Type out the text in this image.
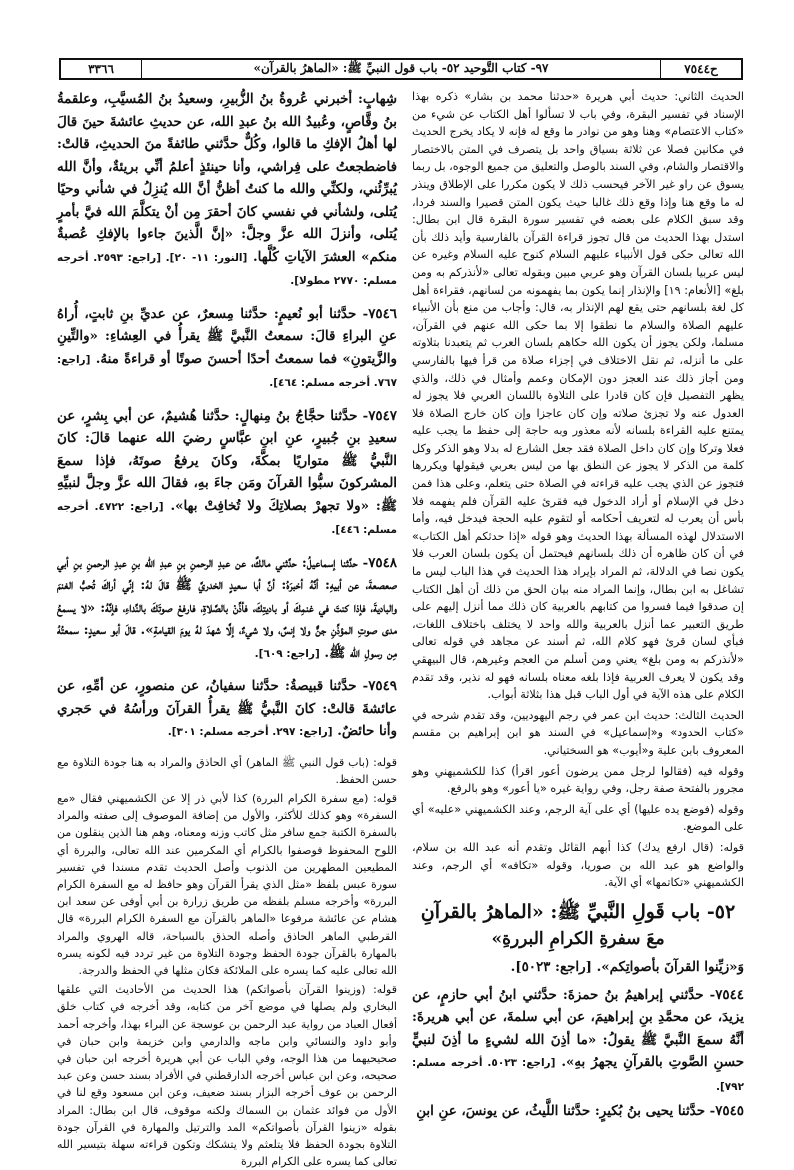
ح٧٥٤٤
٩٧- كتاب التَّوحيد ٥٢- باب قول النبيِّ ﷺ: «الماهرُ بالقرآن»
٣٣٦٦

الحديث الثاني: حديث أبي هريرة «حدثنا محمد بن بشار» ذكره بهذا الإسناد في تفسير البقرة، وفي باب لا تسألوا أهل الكتاب عن شيء من «كتاب الاعتصام» وهنا وهو من نوادر ما وقع له فإنه لا يكاد يخرج الحديث في مكانين فصلا عن ثلاثة بسياق واحد بل يتصرف في المتن بالاختصار والاقتصار والشام، وفي السند بالوصل والتعليق من جميع الوجوه، بل ربما يسوق عن راو غير الآخر فيحسب ذلك لا يكون مكررا على الإطلاق وينذر له ما وقع هنا وإذا وقع ذلك غالبا حيث يكون المتن قصيرا والسند فردا، وقد سبق الكلام على بعضه في تفسير سورة البقرة قال ابن بطال: استدل بهذا الحديث من قال تجوز قراءة القرآن بالفارسية وأيد ذلك بأن الله تعالى حكى قول الأنبياء عليهم السلام كنوح عليه السلام وغيره عن ليس عربيا بلسان القرآن وهو عربي مبين وبقوله تعالى «لأنذركم به ومن بلغ» [الأنعام: ١٩] والإنذار إنما يكون بما يفهمونه من لسانهم، فقراءة أهل كل لغة بلسانهم حتى يقع لهم الإنذار به، قال: وأجاب من منع بأن الأنبياء عليهم الصلاة والسلام ما نطقوا إلا بما حكى الله عنهم في القرآن، مسلما، ولكن يجوز أن يكون الله حكاهم بلسان العرب ثم يتعبدنا بتلاوته على ما أنزله، ثم نقل الاختلاف في إجزاء صلاة من قرأ فيها بالفارسي ومن أجاز ذلك عند العجز دون الإمكان وعمم وأمثال في ذلك، والذي يظهر التفصيل فإن كان قادرا على التلاوة باللسان العربي فلا يجوز له العدول عنه ولا تجزئ صلاته وإن كان عاجزا وإن كان خارج الصلاة فلا يمتنع عليه القراءة بلسانه لأنه معذور وبه حاجة إلى حفظ ما يجب عليه فعلا وتركا وإن كان داخل الصلاة فقد جعل الشارع له بدلا وهو الذكر وكل كلمة من الذكر لا يجوز عن النطق بها من ليس بعربي فيقولها ويكررها فتجوز عن الذي يجب عليه قراءته في الصلاة حتى يتعلم، وعلى هذا فمن دخل في الإسلام أو أراد الدخول فيه فقرئ عليه القرآن فلم يفهمه فلا بأس أن يعرب له لتعريف أحكامه أو لتقوم عليه الحجة فيدخل فيه، وأما الاستدلال لهذه المسألة بهذا الحديث وهو قوله «إذا حدثكم أهل الكتاب» في أن كان ظاهره أن ذلك بلسانهم فيحتمل أن يكون بلسان العرب فلا يكون نصا في الدلالة، ثم المراد بإيراد هذا الحديث في هذا الباب ليس ما تشاغل به ابن بطال، وإنما المراد منه بيان الحق من ذلك أن أهل الكتاب إن صدقوا فيما فسروا من كتابهم بالعربية كان ذلك مما أنزل إليهم على طريق التعبير عما أنزل بالعربية والله واحد لا يختلف باختلاف اللغات، فبأي لسان قرئ فهو كلام الله، ثم أسند عن مجاهد في قوله تعالى «لأنذركم به ومن بلغ» يعني ومن أسلم من العجم وغيرهم، قال البيهقي وقد يكون لا يعرف العربية فإذا بلغه معناه بلسانه فهو له نذير، وقد تقدم الكلام على هذه الآية في أول الباب قبل هذا بثلاثة أبواب.

الحديث الثالث: حديث ابن عمر في رجم اليهوديين، وقد تقدم شرحه في «كتاب الحدود» و«إسماعيل» في السند هو ابن إبراهيم بن مقسم المعروف بابن علية و«أيوب» هو السختياني.

وقوله فيه (فقالوا لرجل ممن يرضون أعور اقرأ) كذا للكشميهني وهو مجرور بالفتحة صفة رجل، وفي رواية غيره «يا أعور» وهو بالرفع.

وقوله (فوضع يده عليها) أي على آية الرجم، وعند الكشميهني «عليه» أي على الموضع.

قوله: (قال ارفع يدك) كذا أبهم القائل وتقدم أنه عبد الله بن سلام، والواضع هو عبد الله بن صوريا، وقوله «تكافه» أي الرجم، وعند الكشميهني «تكاتمها» أي الآية.

٥٢- باب قَولِ النَّبيِّ ﷺ: «الماهرُ بالقرآنِ
معَ سفرةِ الكرامِ البررةِ»

وَ«زيِّنوا القرآنَ بأصواتِكم». [راجع: ٥٠٢٣].

٧٥٤٤- حدَّثني إبراهيمُ بنُ حمزةَ: حدَّثني ابنُ أبي حازمٍ، عن يزيدَ، عن محمَّدِ بنِ إبراهيمَ، عن أبي سلمةَ، عن أبي هريرةَ: أنَّهُ سمعَ النَّبيَّ ﷺ يقولُ: «ما أذِنَ الله لشيءٍ ما أذِنَ لنبيٍّ حسنِ الصَّوتِ بالقرآنِ يجهرُ بهِ». [راجع: ٥٠٢٣. أخرجه مسلم: ٧٩٢].

٧٥٤٥- حدَّثنا يحيى بنُ بُكيرٍ: حدَّثنا اللَّيثُ، عن يونسَ، عنِ ابنِ

شِهابٍ: أخبرني عُروةُ بنُ الزُّبيرِ، وسعيدُ بنُ المُسيَّبِ، وعلقمةُ بنُ وقَّاصٍ، وعُبيدُ الله بنُ عبدِ الله، عن حديثِ عائشةَ حينَ قالَ لها أهلُ الإفكِ ما قالوا، وكُلٌّ حدَّثني طائفةً منَ الحديثِ، قالتْ: فاضطجعتُ على فِراشي، وأنا حينئذٍ أعلمُ أنِّي بريئةٌ، وأنَّ الله يُبرِّئُني، ولكنِّي والله ما كنتُ أظنُّ أنَّ الله يُنزِلُ في شأني وحيًا يُتلى، ولشأني في نفسي كانَ أحقرَ مِن أنْ يتكلَّمَ الله فيَّ بأمرٍ يُتلى، وأنزلَ الله عزَّ وجلَّ: «إنَّ الَّذينَ جاءوا بالإفكِ عُصبةٌ منكم» العشرَ الآياتِ كُلَّها. [النور: ١١- ٢٠]. [راجع: ٢٥٩٣. أخرجه مسلم: ٢٧٧٠ مطولا].

٧٥٤٦- حدَّثنا أبو نُعيمٍ: حدَّثنا مِسعرٌ، عن عديِّ بنِ ثابتٍ، أُراهُ عنِ البراءِ قالَ: سمعتُ النَّبيَّ ﷺ يقرأُ في العِشاءِ: «والتِّينِ والزَّيتونِ» فما سمعتُ أحدًا أحسنَ صوتًا أو قراءةً منهُ. [راجع: ٧٦٧. أخرجه مسلم: ٤٦٤].

٧٥٤٧- حدَّثنا حجَّاجُ بنُ مِنهالٍ: حدَّثنا هُشيمٌ، عن أبي بِشرٍ، عن سعيدِ بنِ جُبيرٍ، عنِ ابنِ عبَّاسٍ رضيَ الله عنهما قالَ: كانَ النَّبيُّ ﷺ متواريًا بمكَّةَ، وكانَ يرفعُ صوتَهُ، فإذا سمعَ المشركونَ سبُّوا القرآنَ ومَن جاءَ بهِ، فقالَ الله عزَّ وجلَّ لنبيِّهِ ﷺ: «ولا تجهرْ بصلاتِكَ ولا تُخافِتْ بها». [راجع: ٤٧٢٢. أخرجه مسلم: ٤٤٦].

٧٥٤٨- حدَّثنا إسماعيلُ: حدَّثني مالكٌ، عن عبدِ الرحمنِ بنِ عبدِ الله بنِ عبدِ الرحمنِ بنِ أبي صعصعةَ، عن أبيهِ: أنَّهُ أخبرَهُ: أنَّ أبا سعيدٍ الخدريَّ ﷺ قالَ لهُ: إنِّي أراكَ تُحبُّ الغنمَ والباديةَ، فإذا كنتَ في غنمِكَ أو باديتِكَ، فأذِّنْ بالصَّلاةِ، فارفعْ صوتَكَ بالنِّداءِ، فإنَّهُ: «لا يسمعُ مدى صوتِ المؤذِّنِ جنٌّ ولا إنسٌ، ولا شيءٌ، إلَّا شهدَ لهُ يومَ القيامةِ». قالَ أبو سعيدٍ: سمعتُهُ مِن رسولِ الله ﷺ. [راجع: ٦٠٩].

٧٥٤٩- حدَّثنا قبيصةُ: حدَّثنا سفيانُ، عن منصورٍ، عن أمِّهِ، عن عائشةَ قالتْ: كانَ النَّبيُّ ﷺ يقرأُ القرآنَ ورأسُهُ في حَجري وأنا حائضٌ. [راجع: ٢٩٧. أخرجه مسلم: ٣٠١].

قوله: (باب قول النبي ﷺ الماهر) أي الحاذق والمراد به هنا جودة التلاوة مع حسن الحفظ.

قوله: (مع سفرة الكرام البررة) كذا لأبي ذر إلا عن الكشميهني فقال «مع السفرة» وهو كذلك للأكثر، والأول من إضافة الموصوف إلى صفته والمراد بالسفرة الكتبة جمع سافر مثل كاتب وزنه ومعناه، وهم هنا الذين ينقلون من اللوح المحفوظ فوصفوا بالكرام أي المكرمين عند الله تعالى، والبررة أي المطيعين المطهرين من الذنوب وأصل الحديث تقدم مسندا في تفسير سورة عبس بلفظ «مثل الذي يقرأ القرآن وهو حافظ له مع السفرة الكرام البررة» وأخرجه مسلم بلفظه من طريق زرارة بن أبي أوفى عن سعد ابن هشام عن عائشة مرفوعا «الماهر بالقرآن مع السفرة الكرام البررة» قال القرطبي الماهر الحاذق وأصله الحذق بالسباحة، قاله الهروي والمراد بالمهارة بالقرآن جودة الحفظ وجودة التلاوة من غير تردد فيه لكونه يسره الله تعالى عليه كما يسره على الملائكة فكان مثلها في الحفظ والدرجة.

قوله: (وزينوا القرآن بأصواتكم) هذا الحديث من الأحاديث التي علقها البخاري ولم يصلها في موضع آخر من كتابه، وقد أخرجه في كتاب خلق أفعال العباد من رواية عبد الرحمن بن عوسجة عن البراء بهذا، وأخرجه أحمد وأبو داود والنسائي وابن ماجه والدارمي وابن خزيمة وابن حبان في صحيحيهما من هذا الوجه، وفي الباب عن أبي هريرة أخرجه ابن حبان في صحيحه، وعن ابن عباس أخرجه الدارقطني في الأفراد بسند حسن وعن عبد الرحمن بن عوف أخرجه البزار بسند ضعيف، وعن ابن مسعود وقع لنا في الأول من فوائد عثمان بن السماك ولكنه موقوف، قال ابن بطال: المراد بقوله «زينوا القرآن بأصواتكم» المد والترتيل والمهارة في القرآن جودة التلاوة بجودة الحفظ فلا يتلعثم ولا يتشكك وتكون قراءته سهلة بتيسير الله تعالى كما يسره على الكرام البررة
